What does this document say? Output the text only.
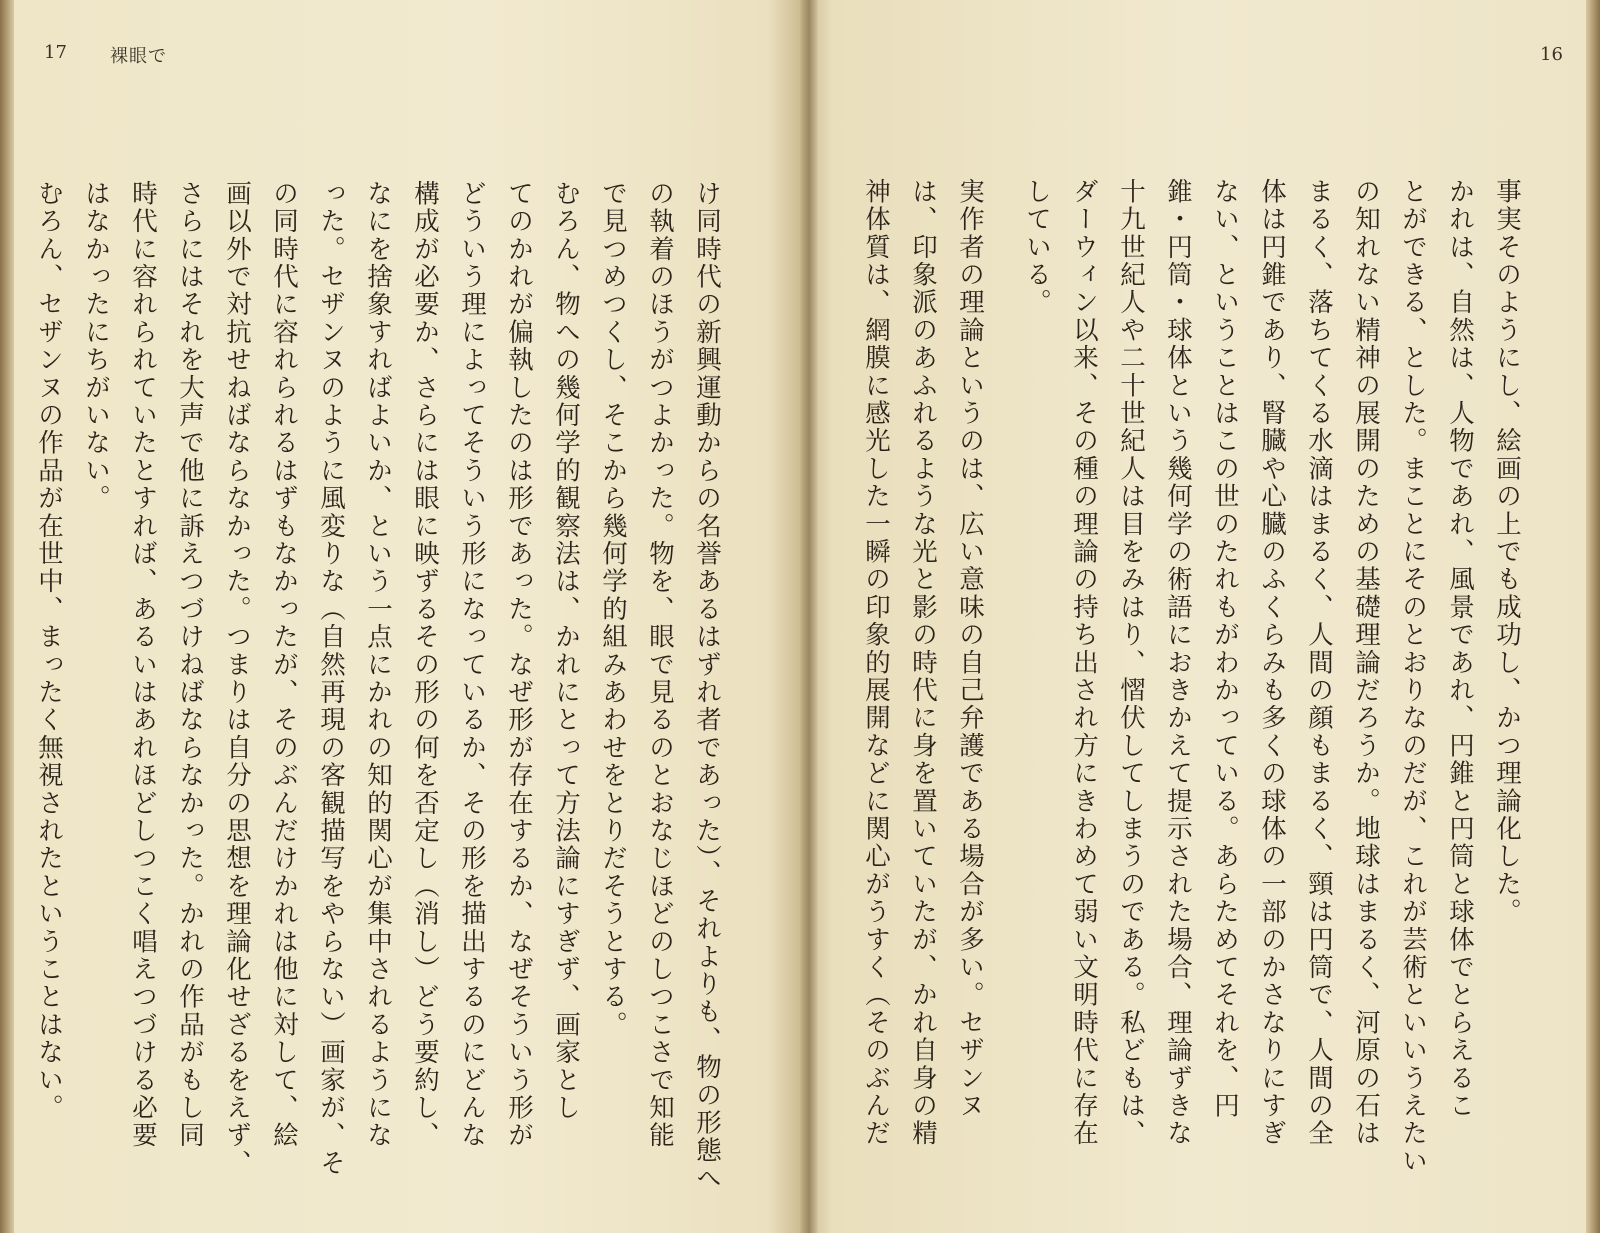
17 裸眼で
け同時代の新興運動からの名誉あるはずれ者であった）、それよりも、物の形態へ
の執着のほうがつよかった。物を、眼で見るのとおなじほどのしつこさで知能
で見つめつくし、そこから幾何学的組みあわせをとりだそうとする。
むろん、物への幾何学的観察法は、かれにとって方法論にすぎず、画家とし
てのかれが偏執したのは形であった。なぜ形が存在するか、なぜそういう形が
どういう理によってそういう形になっているか、その形を描出するのにどんな
構成が必要か、さらには眼に映ずるその形の何を否定し（消し）どう要約し、
なにを捨象すればよいか、という一点にかれの知的関心が集中されるようにな
った。セザンヌのように風変りな（自然再現の客観描写をやらない）画家が、そ
の同時代に容れられるはずもなかったが、そのぶんだけかれは他に対して、絵
画以外で対抗せねばならなかった。つまりは自分の思想を理論化せざるをえず、
さらにはそれを大声で他に訴えつづけねばならなかった。かれの作品がもし同
時代に容れられていたとすれば、あるいはあれほどしつこく唱えつづける必要
はなかったにちがいない。
むろん、セザンヌの作品が在世中、まったく無視されたということはない。
16
事実そのようにし、絵画の上でも成功し、かつ理論化した。
かれは、自然は、人物であれ、風景であれ、円錐と円筒と球体でとらえるこ
とができる、とした。まことにそのとおりなのだが、これが芸術といいうえたい
の知れない精神の展開のための基礎理論だろうか。地球はまるく、河原の石は
まるく、落ちてくる水滴はまるく、人間の顔もまるく、頸は円筒で、人間の全
体は円錐であり、腎臓や心臓のふくらみも多くの球体の一部のかさなりにすぎ
ない、ということはこの世のたれもがわかっている。あらためてそれを、円
錐・円筒・球体という幾何学の術語におきかえて提示された場合、理論ずきな
十九世紀人や二十世紀人は目をみはり、慴伏してしまうのである。私どもは、
ダーウィン以来、その種の理論の持ち出され方にきわめて弱い文明時代に存在
している。
実作者の理論というのは、広い意味の自己弁護である場合が多い。セザンヌ
は、印象派のあふれるような光と影の時代に身を置いていたが、かれ自身の精
神体質は、網膜に感光した一瞬の印象的展開などに関心がうすく（そのぶんだ
